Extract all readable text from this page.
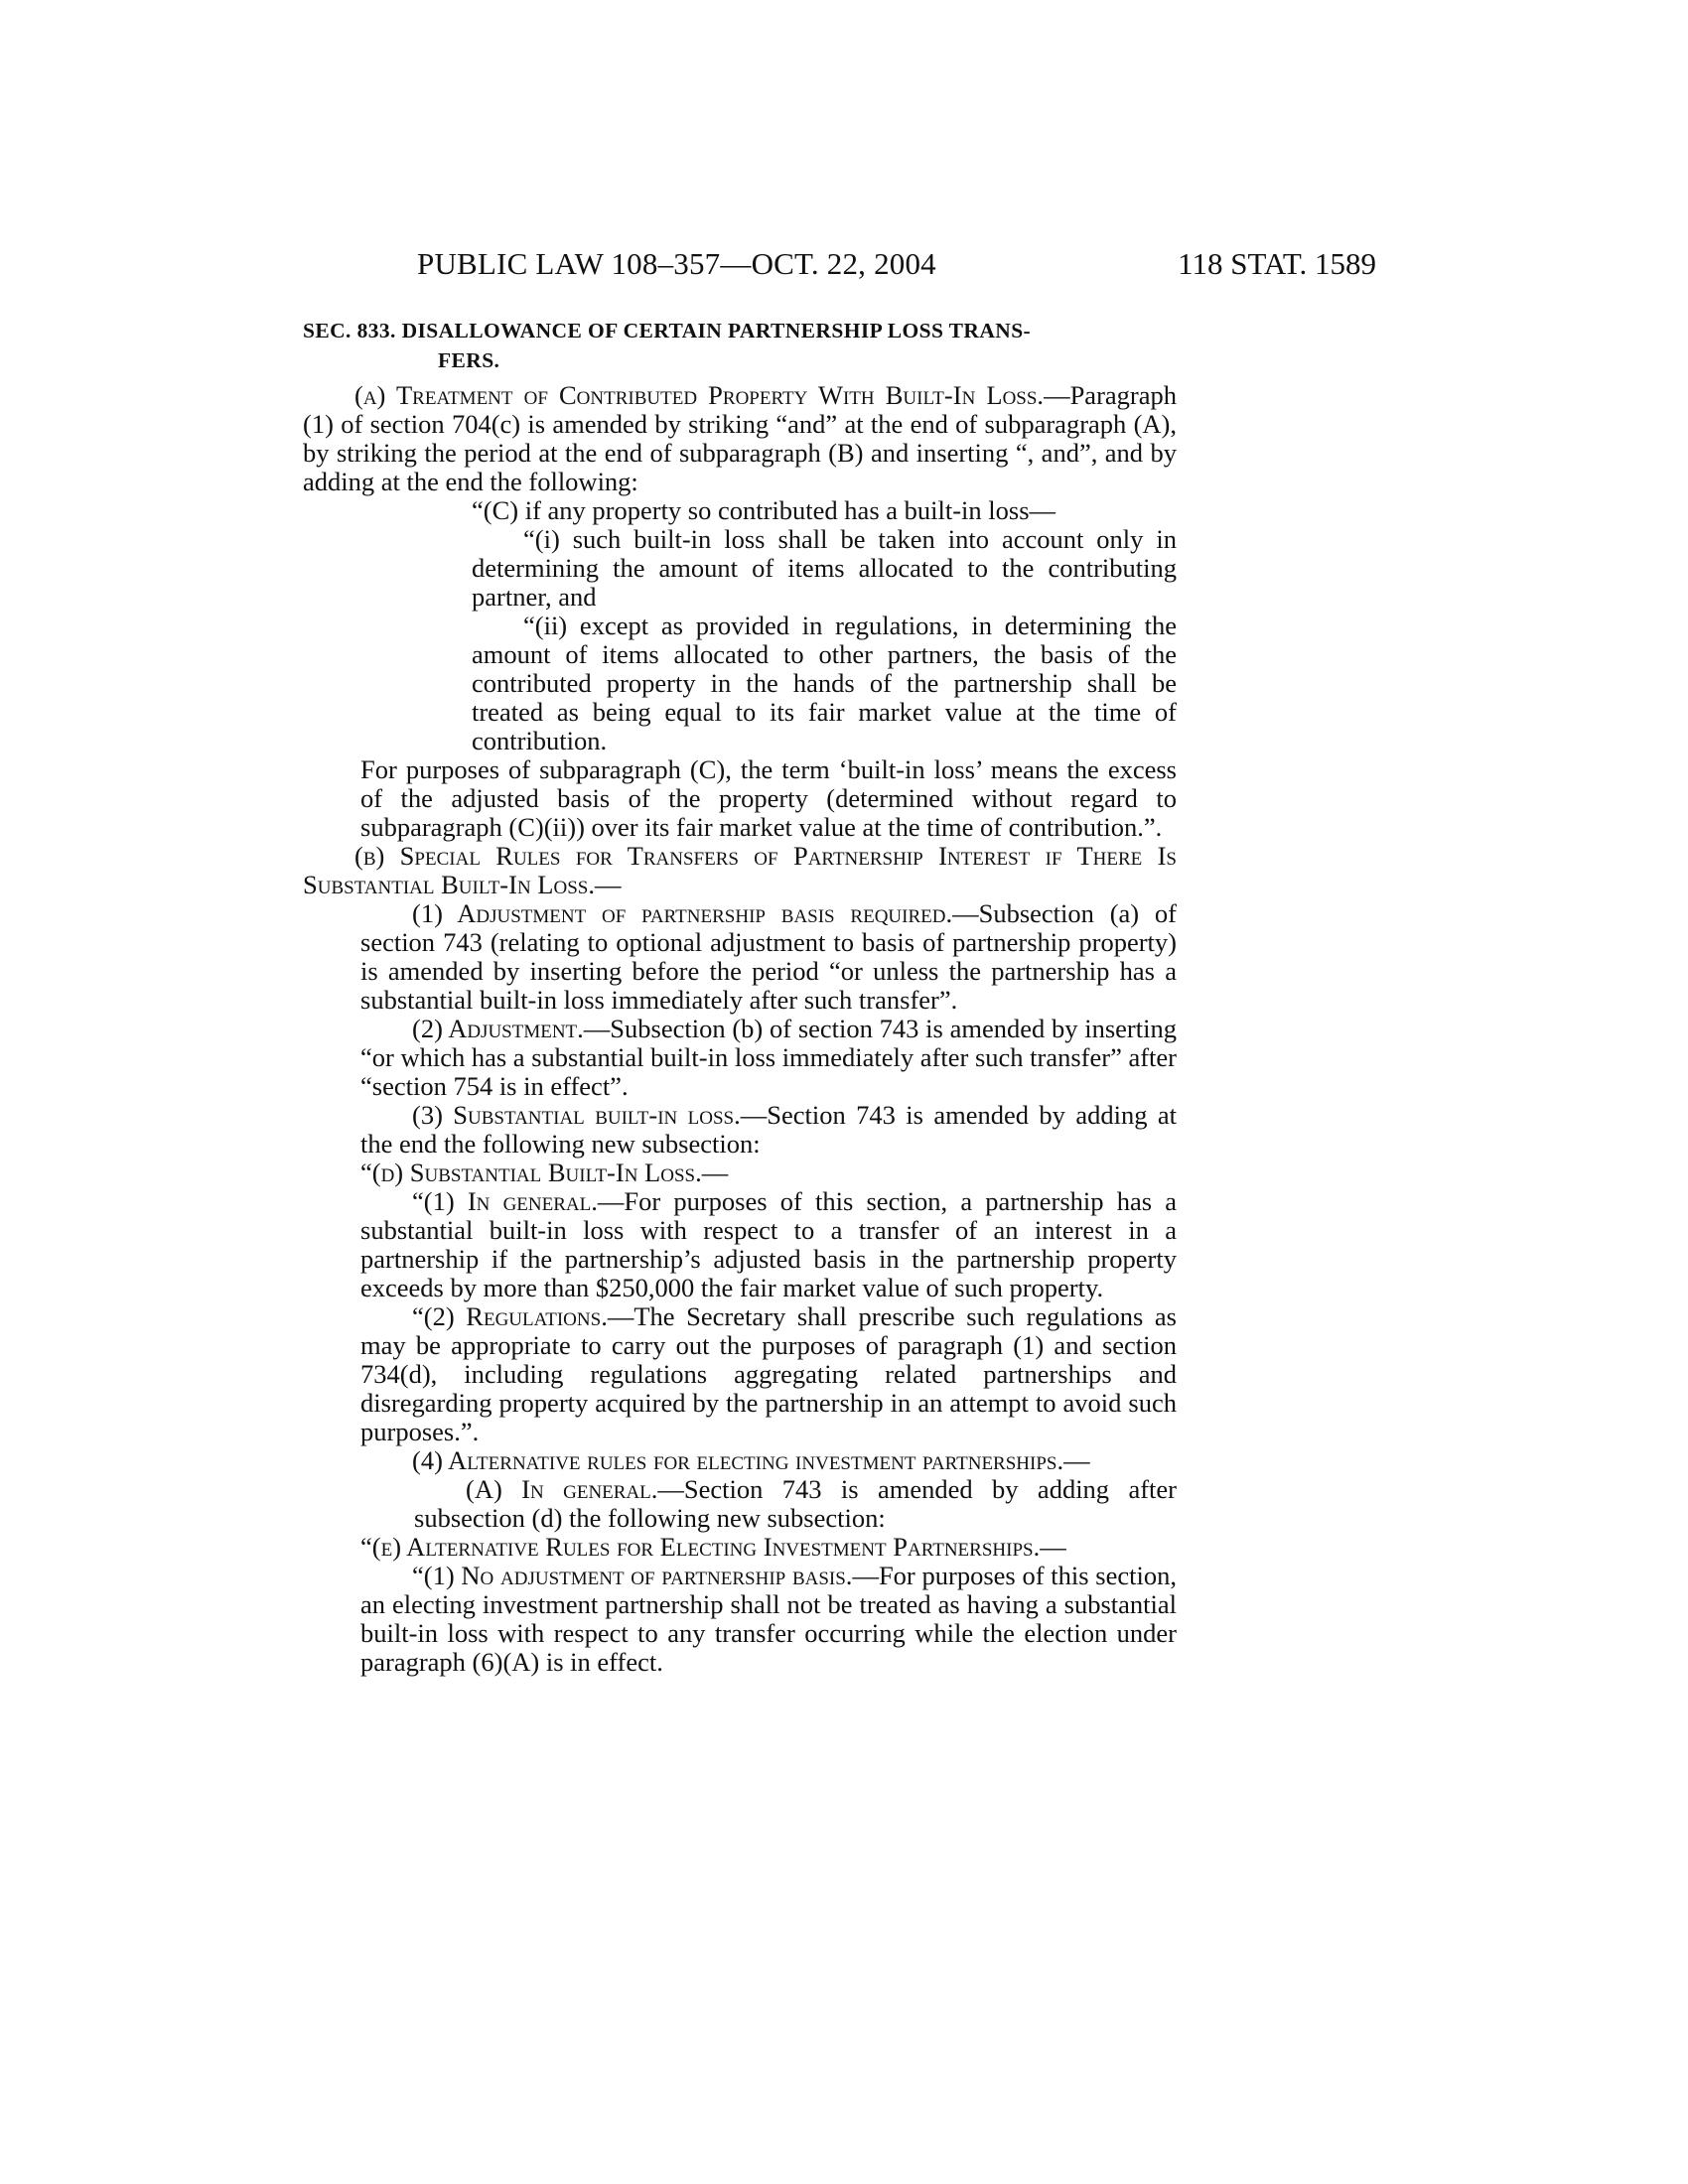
PUBLIC LAW 108–357—OCT. 22, 2004	118 STAT. 1589
SEC. 833. DISALLOWANCE OF CERTAIN PARTNERSHIP LOSS TRANS-
FERS.

(a) Treatment of Contributed Property With Built-In Loss.—Paragraph (1) of section 704(c) is amended by striking “and” at the end of subparagraph (A), by striking the period at the end of subparagraph (B) and inserting “, and”, and by adding at the end the following:

“(C) if any property so contributed has a built-in loss—

“(i) such built-in loss shall be taken into account only in determining the amount of items allocated to the contributing partner, and

“(ii) except as provided in regulations, in determining the amount of items allocated to other partners, the basis of the contributed property in the hands of the partnership shall be treated as being equal to its fair market value at the time of contribution.

For purposes of subparagraph (C), the term ‘built-in loss’ means the excess of the adjusted basis of the property (determined without regard to subparagraph (C)(ii)) over its fair market value at the time of contribution.”.

(b) Special Rules for Transfers of Partnership Interest if There Is Substantial Built-In Loss.—

(1) Adjustment of partnership basis required.—Subsection (a) of section 743 (relating to optional adjustment to basis of partnership property) is amended by inserting before the period “or unless the partnership has a substantial built-in loss immediately after such transfer”.

(2) Adjustment.—Subsection (b) of section 743 is amended by inserting “or which has a substantial built-in loss immediately after such transfer” after “section 754 is in effect”.

(3) Substantial built-in loss.—Section 743 is amended by adding at the end the following new subsection:

“(d) Substantial Built-In Loss.—

“(1) In general.—For purposes of this section, a partnership has a substantial built-in loss with respect to a transfer of an interest in a partnership if the partnership’s adjusted basis in the partnership property exceeds by more than $250,000 the fair market value of such property.

“(2) Regulations.—The Secretary shall prescribe such regulations as may be appropriate to carry out the purposes of paragraph (1) and section 734(d), including regulations aggregating related partnerships and disregarding property acquired by the partnership in an attempt to avoid such purposes.”.

(4) Alternative rules for electing investment partnerships.—

(A) In general.—Section 743 is amended by adding after subsection (d) the following new subsection:

“(e) Alternative Rules for Electing Investment Partnerships.—

“(1) No adjustment of partnership basis.—For purposes of this section, an electing investment partnership shall not be treated as having a substantial built-in loss with respect to any transfer occurring while the election under paragraph (6)(A) is in effect.
